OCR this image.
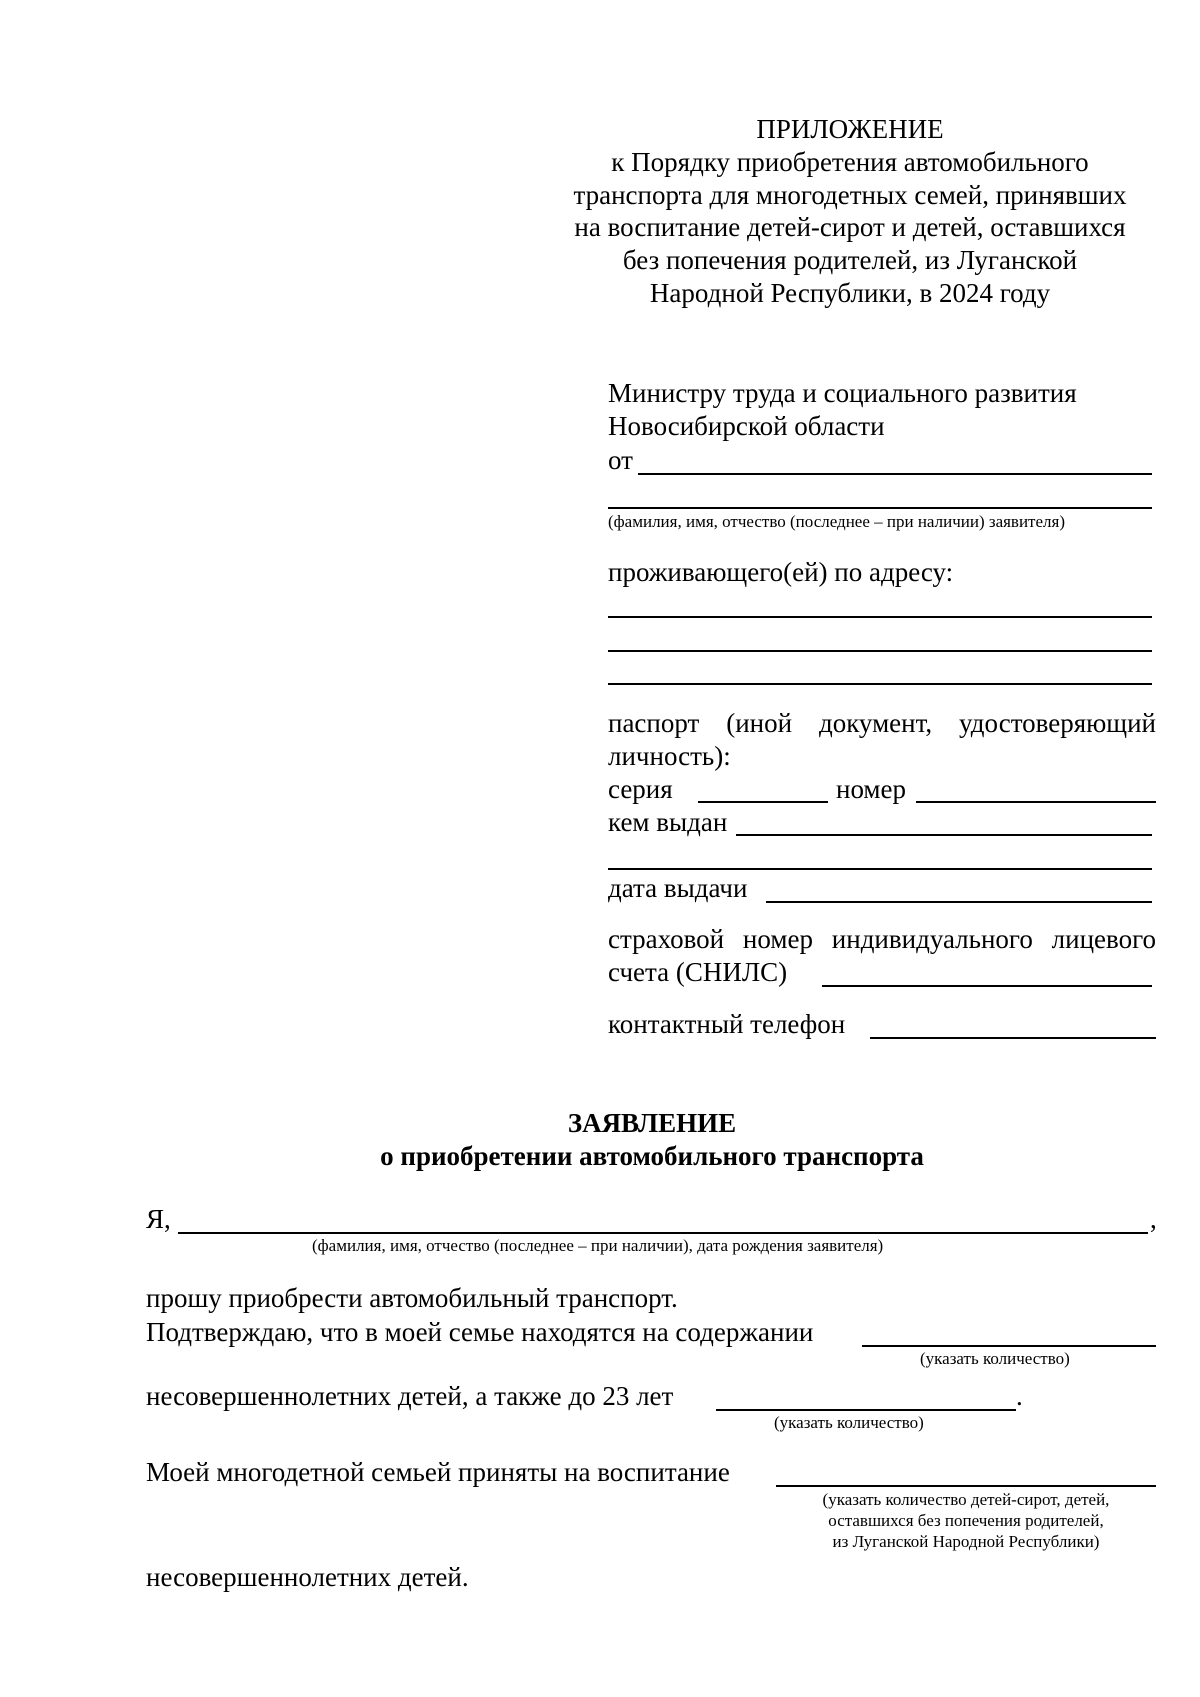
ПРИЛОЖЕНИЕ
к Порядку приобретения автомобильного
транспорта для многодетных семей, принявших
на воспитание детей-сирот и детей, оставшихся
без попечения родителей, из Луганской
Народной Республики, в 2024 году
Министру труда и социального развития
Новосибирской области
от
(фамилия, имя, отчество (последнее – при наличии) заявителя)
проживающего(ей) по адресу:
паспорт (иной документ, удостоверяющий
личность):
серия	номер
кем выдан
дата выдачи
страховой номер индивидуального лицевого
счета (СНИЛС)
контактный телефон
ЗАЯВЛЕНИЕ
о приобретении автомобильного транспорта
Я,	,
(фамилия, имя, отчество (последнее – при наличии), дата рождения заявителя)
прошу приобрести автомобильный транспорт.
Подтверждаю, что в моей семье находятся на содержании
(указать количество)
несовершеннолетних детей, а также до 23 лет	.
(указать количество)
Моей многодетной семьей приняты на воспитание
(указать количество детей-сирот, детей,
оставшихся без попечения родителей,
из Луганской Народной Республики)
несовершеннолетних детей.
